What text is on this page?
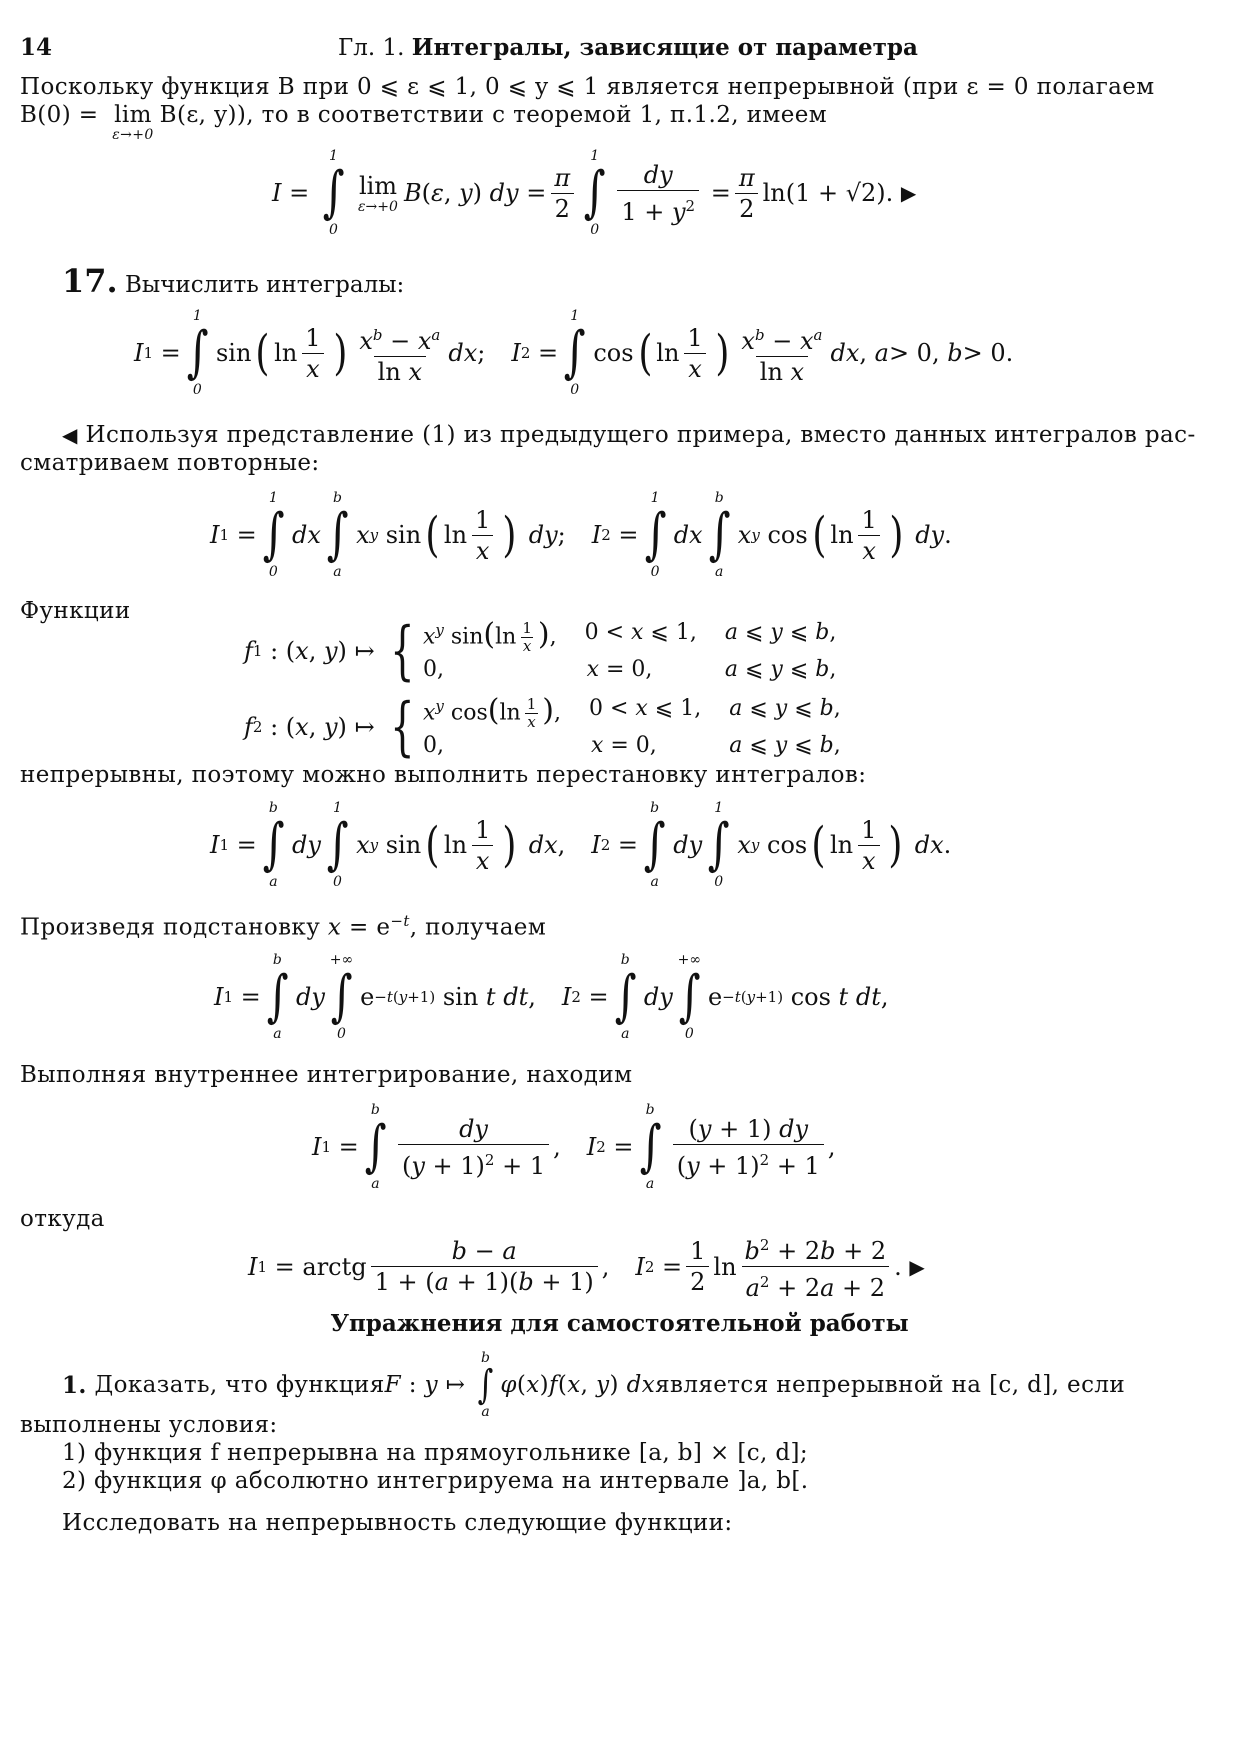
14	Гл. 1. Интегралы, зависящие от параметра
Поскольку функция B при 0 ⩽ ε ⩽ 1, 0 ⩽ y ⩽ 1 является непрерывной (при ε = 0 полагаем
B(0) = lim
ε→+0
B(ε, y)), то в соответствии с теоремой 1, п.1.2, имеем
I =
1
∫
0
lim
ε→+0 B ( ε , y ) dy = $\frac{\pi}{2}$
1
∫
0
$\frac{dy}{1 + y^2} = \frac{\pi}{2} \ln(1 + √2)$. ▶
17. Вычислить интегралы:
I 1 =
1
∫
0
sin ( $\ln \frac{1}{x}$ ) $\frac{x^b - x^a}{\text{ln x}}$ dx ; I 2 =
1
∫
0
cos ( $\ln \frac{1}{x}$ ) $\frac{x^b - x^a}{\text{ln x}}$ dx , a > 0, b > 0.
◀ Используя представление (1) из предыдущего примера, вместо данных интегралов рас-
сматриваем повторные:
I 1 =
1
∫
0
dx
b
∫
a
x y sin ( $\ln \frac{1}{x}$ )
dy ; I 2 =
1
∫
0
dx
b
∫
a
x y cos ( $\ln \frac{1}{x}$ )
dy .
Функции
f 1 : ( x , y ) ↦ { $x^y$ $\sin(\ln \frac{1}{x}$ ), 0 < x ⩽ 1, a ⩽ y ⩽ b,
0,	x = 0,	a ⩽ y ⩽ b,
f 2 : ( x , y ) ↦ { $x^y$ $\cos(\ln \frac{1}{x}$ ), 0 < x ⩽ 1, a ⩽ y ⩽ b,
0,	x = 0,	a ⩽ y ⩽ b,
непрерывны, поэтому можно выполнить перестановку интегралов:
I 1 =
b
∫
a
dy
1
∫
0
x y sin ( $\ln \frac{1}{x}$ )
dx , I 2 =
b
∫
a
dy
1
∫
0
x y cos ( $\ln \frac{1}{x}$ )
dx .
Произведя подстановку $x = e^{-t}$, получаем
I 1 =
b
∫
a
dy
+∞
∫
0
e −t(y+1) sin t
dt , I 2 =
b
∫
a
dy
+∞
∫
0
e −t(y+1) cos t
dt ,
Выполняя внутреннее интегрирование, находим
I 1 =
b
∫
a
$\frac{dy}{(y + 1)^2 + 1}$ , I 2 =
b
∫
a
$\frac{(y + 1) dy}{(y + 1)^2 + 1}$ ,
откуда
I 1 = arctg $\frac{b - a}{1 + (a + 1)(b + 1)}$ , I $2 = \frac{1}{2}$ $\ln \frac{b^2 + 2b + 2}{a^2 + 2a + 2}$ . ▶
Упражнения для самостоятельной работы
1.
Доказать, что функция F : y ↦
b
∫
a
φ ( x ) f ( x , y ) dx является непрерывной на [c, d], если
выполнены условия:
1) функция f непрерывна на прямоугольнике [a, b] × [c, d];
2) функция φ абсолютно интегрируема на интервале ]a, b[.
Исследовать на непрерывность следующие функции:
